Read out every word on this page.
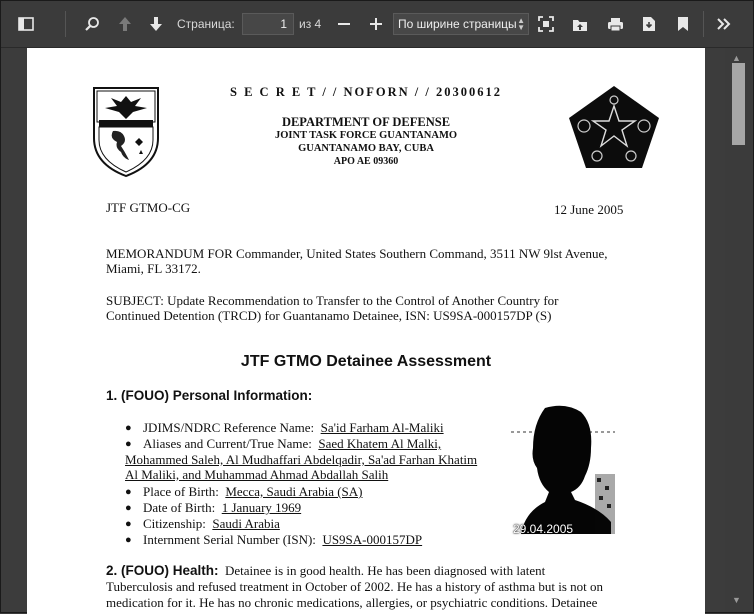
Страница:	1	из 4	По ширине страницы ▲
▼
S E C R E T / / NOFORN / / 20300612
DEPARTMENT OF DEFENSE
JOINT TASK FORCE GUANTANAMO
GUANTANAMO BAY, CUBA
APO AE 09360
JTF GTMO-CG	12 June 2005
MEMORANDUM FOR Commander, United States Southern Command, 3511 NW 9lst Avenue,
Miami, FL 33172.
SUBJECT: Update Recommendation to Transfer to the Control of Another Country for
Continued Detention (TRCD) for Guantanamo Detainee, ISN: US9SA-000157DP (S)
JTF GTMO Detainee Assessment
1. (FOUO) Personal Information:
● JDIMS/NDRC Reference Name: Sa'id Farham Al-Maliki
● Aliases and Current/True Name: Saed Khatem Al Malki,
Mohammed Saleh, Al Mudhaffari Abdelqadir, Sa'ad Farhan Khatim
Al Maliki, and Muhammad Ahmad Abdallah Salih
● Place of Birth: Mecca, Saudi Arabia (SA)
● Date of Birth: 1 January 1969
● Citizenship: Saudi Arabia
● Internment Serial Number (ISN): US9SA-000157DP
29.04.2005
2. (FOUO) Health: Detainee is in good health. He has been diagnosed with latent
Tuberculosis and refused treatment in October of 2002. He has a history of asthma but is not on
medication for it. He has no chronic medications, allergies, or psychiatric conditions. Detainee
▲
▼
